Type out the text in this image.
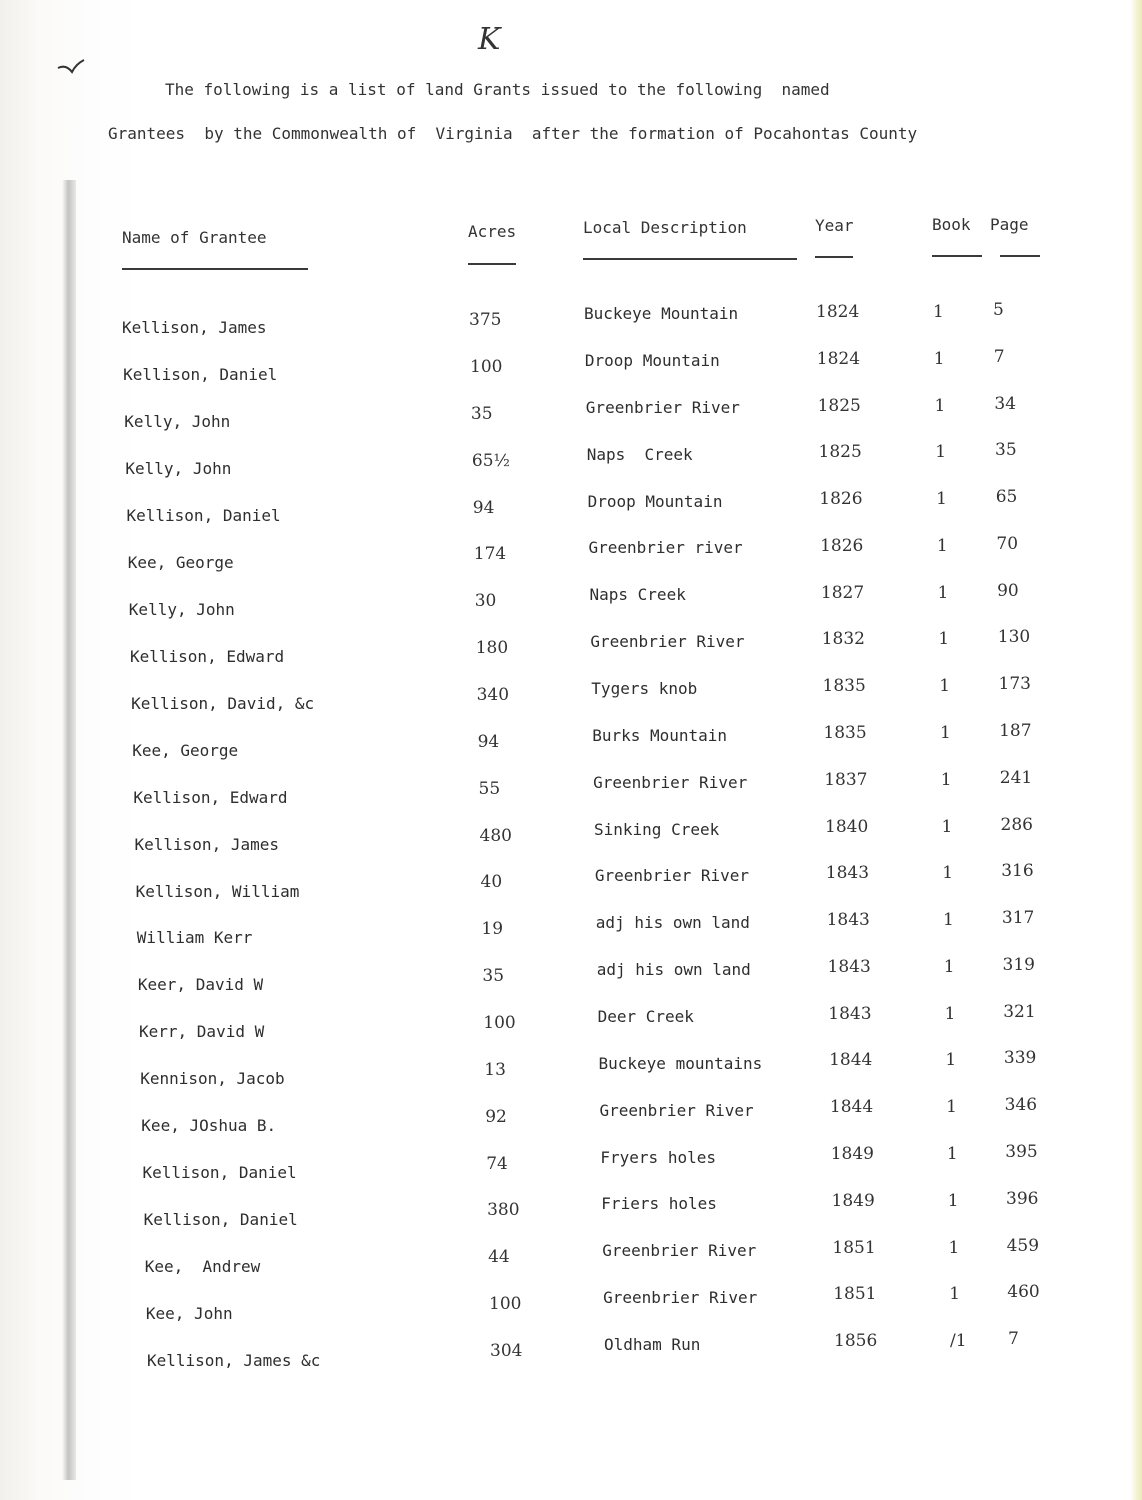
K
The following is a list of land Grants issued to the following  named
Grantees  by the Commonwealth of  Virginia  after the formation of Pocahontas County
Name of Grantee	Acres	Local Description	Year	Book Page
Kellison, James	375	Buckeye Mountain	1824	1	5
Kellison, Daniel	100	Droop Mountain	1824	1	7
Kelly, John	35	Greenbrier River	1825	1	34
Kelly, John	65½	Naps  Creek	1825	1	35
Kellison, Daniel	94	Droop Mountain	1826	1	65
Kee, George	174	Greenbrier river	1826	1	70
Kelly, John	30	Naps Creek	1827	1	90
Kellison, Edward	180	Greenbrier River	1832	1	130
Kellison, David, &c	340	Tygers knob	1835	1	173
Kee, George	94	Burks Mountain	1835	1	187
Kellison, Edward	55	Greenbrier River	1837	1	241
Kellison, James	480	Sinking Creek	1840	1	286
Kellison, William	40	Greenbrier River	1843	1	316
William Kerr	19	adj his own land	1843	1	317
Keer, David W	35	adj his own land	1843	1	319
Kerr, David W	100	Deer Creek	1843	1	321
Kennison, Jacob	13	Buckeye mountains	1844	1	339
Kee, JOshua B.	92	Greenbrier River	1844	1	346
Kellison, Daniel	74	Fryers holes	1849	1	395
Kellison, Daniel	380	Friers holes	1849	1	396
Kee,  Andrew	44	Greenbrier River	1851	1	459
Kee, John	100	Greenbrier River	1851	1	460
Kellison, James &c	304	Oldham Run	1856	/1 7
